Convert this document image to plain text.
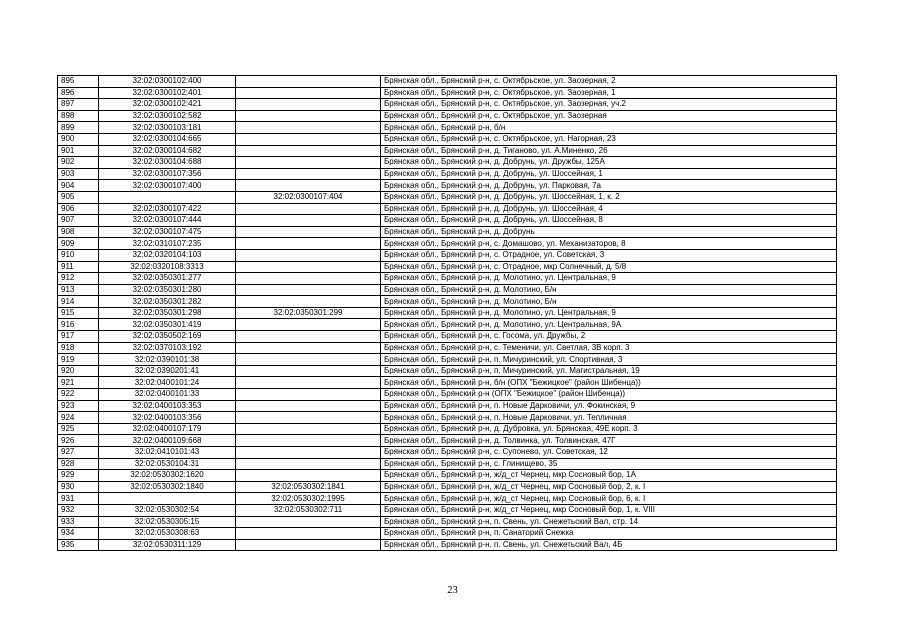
895	32:02:0300102:400		Брянская обл., Брянский р-н, с. Октябрьское, ул. Заозерная, 2
896	32:02:0300102:401		Брянская обл., Брянский р-н, с. Октябрьское, ул. Заозерная, 1
897	32:02:0300102:421		Брянская обл., Брянский р-н, с. Октябрьское, ул. Заозерная, уч.2
898	32:02:0300102:582		Брянская обл., Брянский р-н, с. Октябрьское, ул. Заозерная
899	32:02:0300103:181		Брянская обл., Брянский р-н, б/н
900	32:02:0300104:665		Брянская обл., Брянский р-н, с. Октябрьское, ул. Нагорная, 23
901	32:02:0300104:682		Брянская обл., Брянский р-н, д. Тиганово, ул. А.Миненко, 26
902	32:02:0300104:688		Брянская обл., Брянский р-н, д. Добрунь, ул. Дружбы, 125А
903	32:02:0300107:356		Брянская обл., Брянский р-н, д. Добрунь, ул. Шоссейная, 1
904	32:02:0300107:400		Брянская обл., Брянский р-н, д. Добрунь, ул. Парковая, 7а
905		32:02:0300107:404	Брянская обл., Брянский р-н, д. Добрунь, ул. Шоссейная, 1, к. 2
906	32:02:0300107:422		Брянская обл., Брянский р-н, д. Добрунь, ул. Шоссейная, 4
907	32:02:0300107:444		Брянская обл., Брянский р-н, д. Добрунь, ул. Шоссейная, 8
908	32:02:0300107:475		Брянская обл., Брянский р-н, д. Добрунь
909	32:02:0310107:235		Брянская обл., Брянский р-н, с. Домашово, ул. Механизаторов, 8
910	32:02:0320104:103		Брянская обл., Брянский р-н, с. Отрадное, ул. Советская, 3
911	32:02:0320108:3313		Брянская обл., Брянский р-н, с. Отрадное, мкр Солнечный, д. 5/8
912	32:02:0350301:277		Брянская обл., Брянский р-н, д. Молотино, ул. Центральная, 9
913	32:02:0350301:280		Брянская обл., Брянский р-н, д. Молотино, Б/н
914	32:02:0350301:282		Брянская обл., Брянский р-н, д. Молотино, Б/н
915	32:02:0350301:298	32:02:0350301:299	Брянская обл., Брянский р-н, д. Молотино, ул. Центральная, 9
916	32:02:0350301:419		Брянская обл., Брянский р-н, д. Молотино, ул. Центральная, 9А
917	32:02:0350502:169		Брянская обл., Брянский р-н, с. Госома, ул. Дружбы, 2
918	32:02:0370103:192		Брянская обл., Брянский р-н, с. Теменичи, ул. Светлая, 3В корп. 3
919	32:02:0390101:38		Брянская обл., Брянский р-н, п. Мичуринский, ул. Спортивная, 3
920	32:02:0390201:41		Брянская обл., Брянский р-н, п. Мичуринский, ул. Магистральная, 19
921	32:02:0400101:24		Брянская обл., Брянский р-н, б/н (ОПХ "Бежицкое" (район Шибенца))
922	32:02:0400101:33		Брянская обл., Брянский р-н (ОПХ "Бежицкое" (район Шибенца))
923	32:02:0400103:353		Брянская обл., Брянский р-н, п. Новые Дарковичи, ул. Фокинская, 9
924	32:02:0400103:356		Брянская обл., Брянский р-н, п. Новые Дарковичи, ул. Тепличная
925	32:02:0400107:179		Брянская обл., Брянский р-н, д. Дубровка, ул. Брянская, 49Е корп. 3
926	32:02:0400109:668		Брянская обл., Брянский р-н, д. Толвинка, ул. Толвинская, 47Г
927	32:02:0410101:43		Брянская обл., Брянский р-н, с. Супонево, ул. Советская, 12
928	32:02:0530104:31		Брянская обл., Брянский р-н, с. Глинищево, 35
929	32:02:0530302:1620		Брянская обл., Брянский р-н, ж/д_ст Чернец, мкр Сосновый бор, 1А
930	32:02:0530302:1840	32:02:0530302:1841	Брянская обл., Брянский р-н, ж/д_ст Чернец, мкр Сосновый бор, 2, к. I
931		32:02:0530302:1995	Брянская обл., Брянский р-н, ж/д_ст Чернец, мкр Сосновый бор, 6, к. I
932	32:02:0530302:54	32:02:0530302:711	Брянская обл., Брянский р-н, ж/д_ст Чернец, мкр Сосновый бор, 1, к. VIII
933	32:02:0530305:15		Брянская обл., Брянский р-н, п. Свень, ул. Снежетьский Вал, стр. 14
934	32:02:0530308:63		Брянская обл., Брянский р-н, п. Санаторий Снежка
935	32:02:0530311:129		Брянская обл., Брянский р-н, п. Свень, ул. Снежетьский Вал, 4Б
23
